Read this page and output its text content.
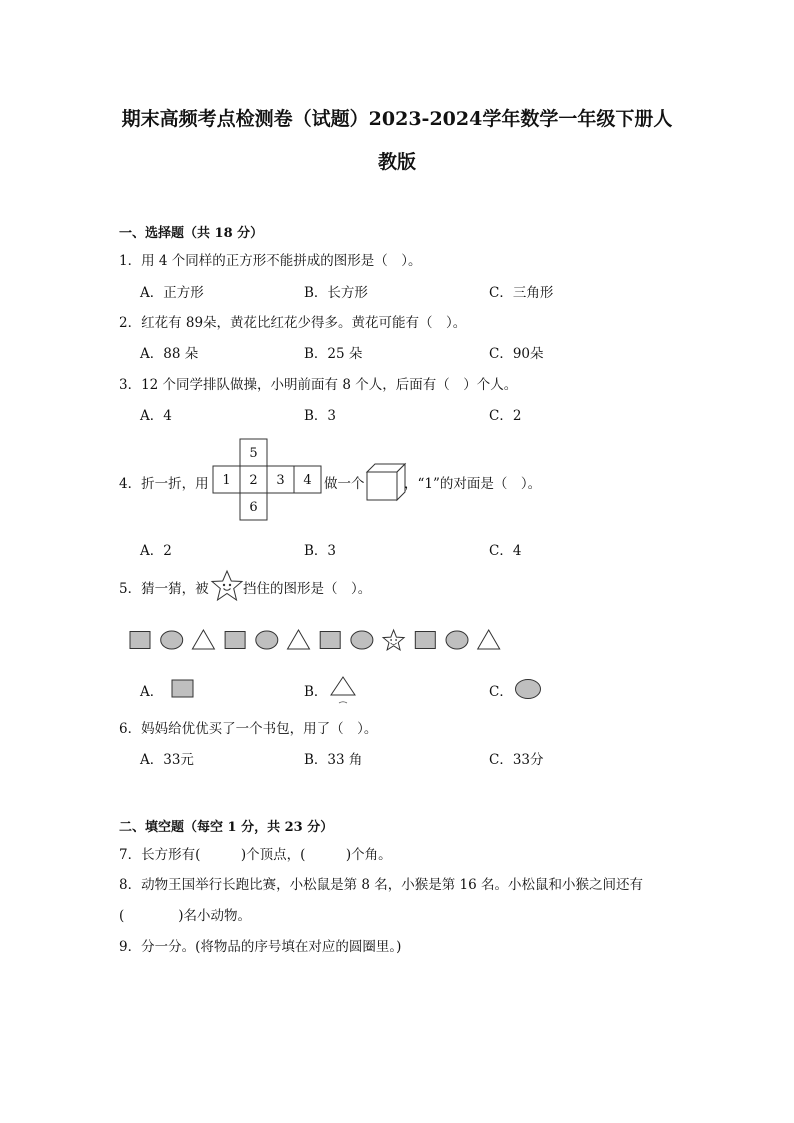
期末高频考点检测卷（试题）2023-2024学年数学一年级下册人
教版
一、选择题（共 18 分）
1．用 4 个同样的正方形不能拼成的图形是（　）。
A．正方形	B．长方形	C．三角形
2．红花有 89朵，黄花比红花少得多。黄花可能有（　）。
A．88 朵	B．25 朵	C．90朵
3．12 个同学排队做操，小明前面有 8 个人，后面有（　）个人。
A．4	B．3	C．2
4．折一折，用
5
1 2 3 4
6
做一个	，“1”的对面是（　）。
A．2	B．3	C．4
5．猜一猜，被	挡住的图形是（　）。
A．	B．	C．
6．妈妈给优优买了一个书包，用了（　）。
A．33元	B．33 角	C．33分
二、填空题（每空 1 分，共 23 分）
7．长方形有(　　　)个顶点，(　　　)个角。
8．动物王国举行长跑比赛，小松鼠是第 8 名，小猴是第 16 名。小松鼠和小猴之间还有
(　　　　)名小动物。
9．分一分。(将物品的序号填在对应的圆圈里。)
